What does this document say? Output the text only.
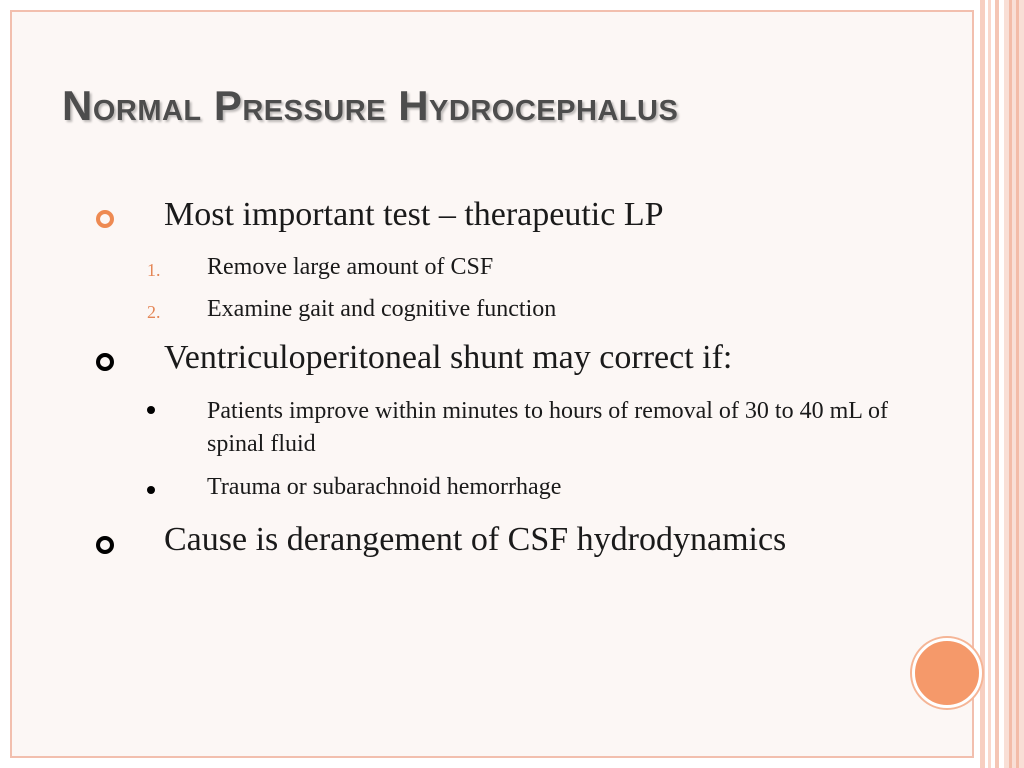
Normal Pressure Hydrocephalus
Most important test – therapeutic LP
1. Remove large amount of CSF
2. Examine gait and cognitive function
Ventriculoperitoneal shunt may correct if:
Patients improve within minutes to hours of removal of 30 to 40 mL of spinal fluid
Trauma or subarachnoid hemorrhage
Cause is derangement of CSF hydrodynamics
